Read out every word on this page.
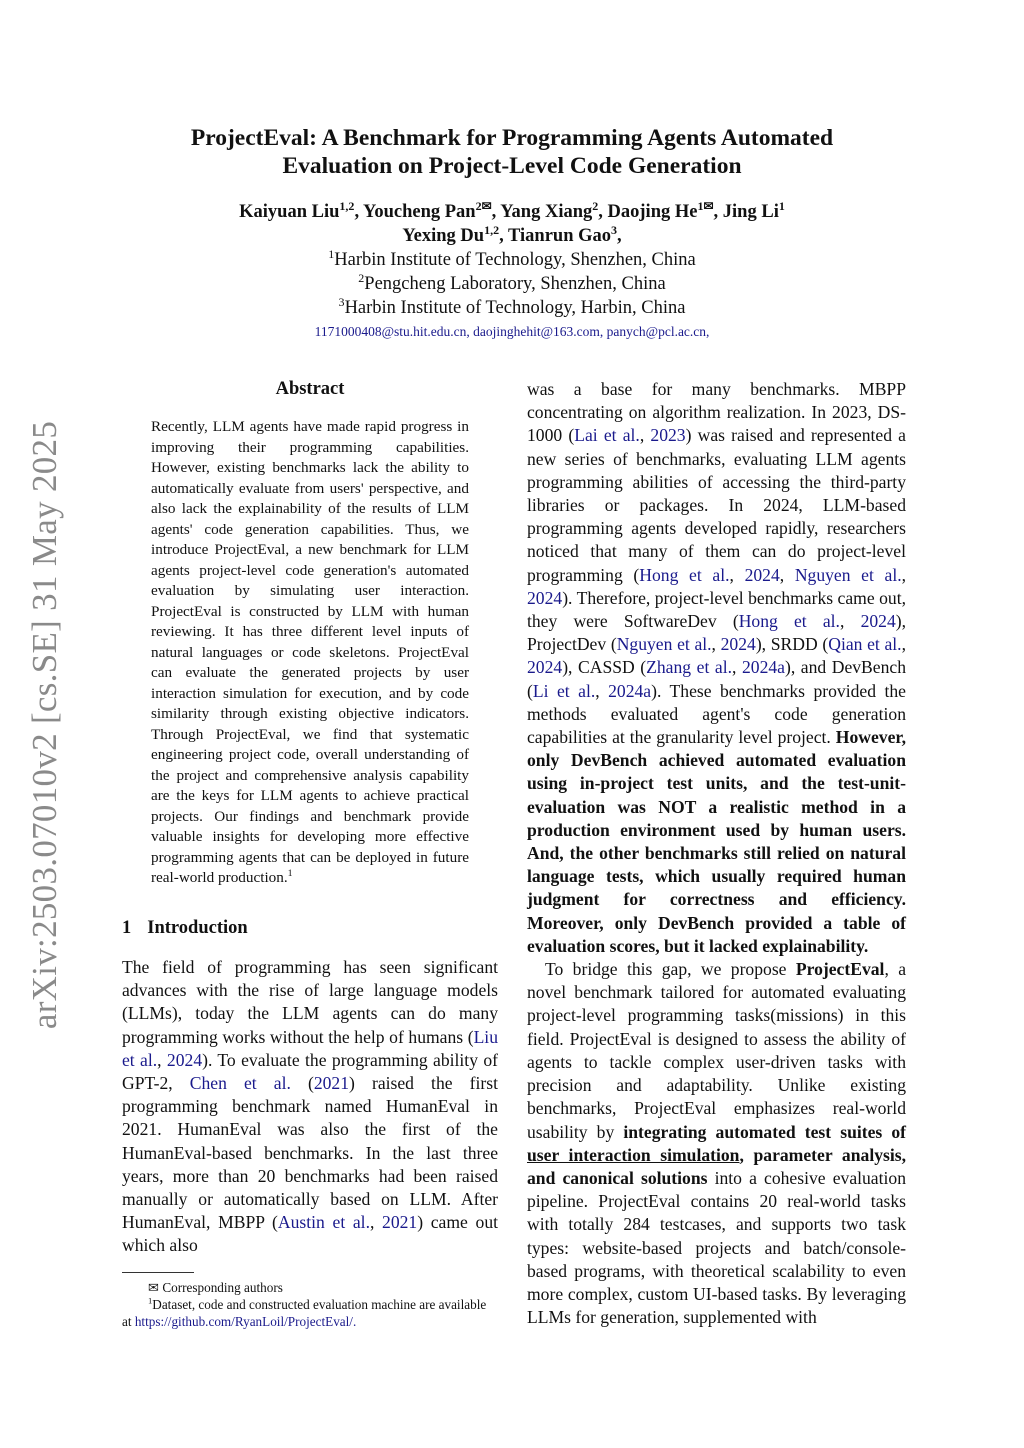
arXiv:2503.07010v2 [cs.SE] 31 May 2025
ProjectEval: A Benchmark for Programming Agents Automated
Evaluation on Project-Level Code Generation
Kaiyuan Liu$^{1,2}$, Youcheng Pan$^{2✉}$, Yang Xiang$^2$, Daojing $He^{1✉}$, Jing Li$^1$
Yexing Du$^{1,2}$, Tianrun Gao$^3$,
$^1$Harbin Institute of Technology, Shenzhen, China
$^2$Pengcheng Laboratory, Shenzhen, China
$^3$Harbin Institute of Technology, Harbin, China
1171000408@stu.hit.edu.cn, daojinghehit@163.com, panych@pcl.ac.cn,
Abstract
Recently, LLM agents have made rapid progress in improving their programming capabilities. However, existing benchmarks lack the ability to automatically evaluate from users' perspective, and also lack the explainability of the results of LLM agents' code generation capabilities. Thus, we introduce ProjectEval, a new benchmark for LLM agents project-level code generation's automated evaluation by simulating user interaction. ProjectEval is constructed by LLM with human reviewing. It has three different level inputs of natural languages or code skeletons. ProjectEval can evaluate the generated projects by user interaction simulation for execution, and by code similarity through existing objective indicators. Through ProjectEval, we find that systematic engineering project code, overall understanding of the project and comprehensive analysis capability are the keys for LLM agents to achieve practical projects. Our findings and benchmark provide valuable insights for developing more effective programming agents that can be deployed in future real-world production.$^1$
1 Introduction

The field of programming has seen significant advances with the rise of large language models (LLMs), today the LLM agents can do many programming works without the help of humans (Liu et al., 2024). To evaluate the programming ability of GPT-2, Chen et al. (2021) raised the first programming benchmark named HumanEval in 2021. HumanEval was also the first of the HumanEval-based benchmarks. In the last three years, more than 20 benchmarks had been raised manually or automatically based on LLM. After HumanEval, MBPP (Austin et al., 2021) came out which also

was a base for many benchmarks. MBPP concentrating on algorithm realization. In 2023, DS-1000 (Lai et al., 2023) was raised and represented a new series of benchmarks, evaluating LLM agents programming abilities of accessing the third-party libraries or packages. In 2024, LLM-based programming agents developed rapidly, researchers noticed that many of them can do project-level programming (Hong et al., 2024, Nguyen et al., 2024). Therefore, project-level benchmarks came out, they were SoftwareDev (Hong et al., 2024), ProjectDev (Nguyen et al., 2024), SRDD (Qian et al., 2024), CASSD (Zhang et al., 2024a), and DevBench (Li et al., 2024a). These benchmarks provided the methods evaluated agent's code generation capabilities at the granularity level project. However, only DevBench achieved automated evaluation using in-project test units, and the test-unit-evaluation was NOT a realistic method in a production environment used by human users. And, the other benchmarks still relied on natural language tests, which usually required human judgment for correctness and efficiency. Moreover, only DevBench provided a table of evaluation scores, but it lacked explainability.

To bridge this gap, we propose ProjectEval, a novel benchmark tailored for automated evaluating project-level programming tasks(missions) in this field. ProjectEval is designed to assess the ability of agents to tackle complex user-driven tasks with precision and adaptability. Unlike existing benchmarks, ProjectEval emphasizes real-world usability by integrating automated test suites of user interaction simulation, parameter analysis, and canonical solutions into a cohesive evaluation pipeline. ProjectEval contains 20 real-world tasks with totally 284 testcases, and supports two task types: website-based projects and batch/console-based programs, with theoretical scalability to even more complex, custom UI-based tasks. By leveraging LLMs for generation, supplemented with

✉ Corresponding authors
$^1$Dataset, code and constructed evaluation machine are available at https://github.com/RyanLoil/ProjectEval/.
